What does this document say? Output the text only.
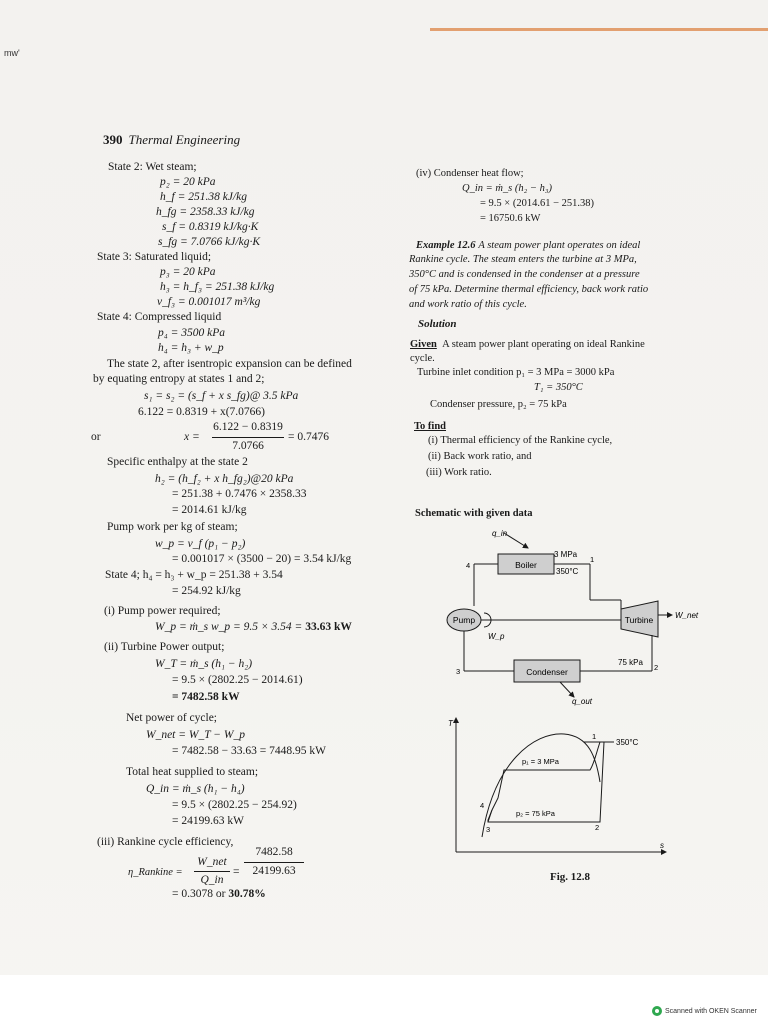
mw'
390 Thermal Engineering
State 2: Wet steam;
p₂ = 20 kPa
h_f = 251.38 kJ/kg
h_fg = 2358.33 kJ/kg
s_f = 0.8319 kJ/kg·K
s_fg = 7.0766 kJ/kg·K
State 3: Saturated liquid;
p₃ = 20 kPa
h₃ = h_f₃ = 251.38 kJ/kg
v_f₃ = 0.001017 m³/kg
State 4: Compressed liquid
p₄ = 3500 kPa
h₄ = h₃ + w_p
The state 2, after isentropic expansion can be defined
by equating entropy at states 1 and 2;
s₁ = s₂ = (s_f + x s_fg)@ 3.5 kPa
6.122 = 0.8319 + x(7.0766)
or	x =
6.122 − 0.8319
7.0766
= 0.7476
Specific enthalpy at the state 2
h₂ = (h_f₂ + x h_fg₂)@20 kPa
= 251.38 + 0.7476 × 2358.33
= 2014.61 kJ/kg
Pump work per kg of steam;
w_p = v_f (p₁ − p₂)
= 0.001017 × (3500 − 20) = 3.54 kJ/kg
State 4; h₄ = h₃ + w_p = 251.38 + 3.54
= 254.92 kJ/kg
(i) Pump power required;
W_p = ṁ_s w_p = 9.5 × 3.54 = 33.63 kW
(ii) Turbine Power output;
W_T = ṁ_s (h₁ − h₂)
= 9.5 × (2802.25 − 2014.61)
= 7482.58 kW
Net power of cycle;
W_net = W_T − W_p
= 7482.58 − 33.63 = 7448.95 kW
Total heat supplied to steam;
Q_in = ṁ_s (h₁ − h₄)
= 9.5 × (2802.25 − 254.92)
= 24199.63 kW
(iii) Rankine cycle efficiency,
η_Rankine =
W_net
Q_in
=
7482.58
24199.63
= 0.3078 or 30.78%
(iv) Condenser heat flow;
Q_in = ṁ_s (h₂ − h₃)
= 9.5 × (2014.61 − 251.38)
= 16750.6 kW
Example 12.6 A steam power plant operates on ideal
Rankine cycle. The steam enters the turbine at 3 MPa,
350°C and is condensed in the condenser at a pressure
of 75 kPa. Determine thermal efficiency, back work ratio
and work ratio of this cycle.
Solution
Given A steam power plant operating on ideal Rankine
cycle.
Turbine inlet condition p₁ = 3 MPa = 3000 kPa
T₁ = 350°C
Condenser pressure, p₂ = 75 kPa
To find
(i) Thermal efficiency of the Rankine cycle,
(ii) Back work ratio, and
(iii) Work ratio.
Schematic with given data
q_in
Boiler
3 MPa
350°C
1
4
Pump
W_p
Turbine	W_net
2
75 kPa
Condenser
3
q_out
T
s
350°C
p₁ = 3 MPa
p₂ = 75 kPa
1
2
3
4
Fig. 12.8
Scanned with OKEN Scanner
